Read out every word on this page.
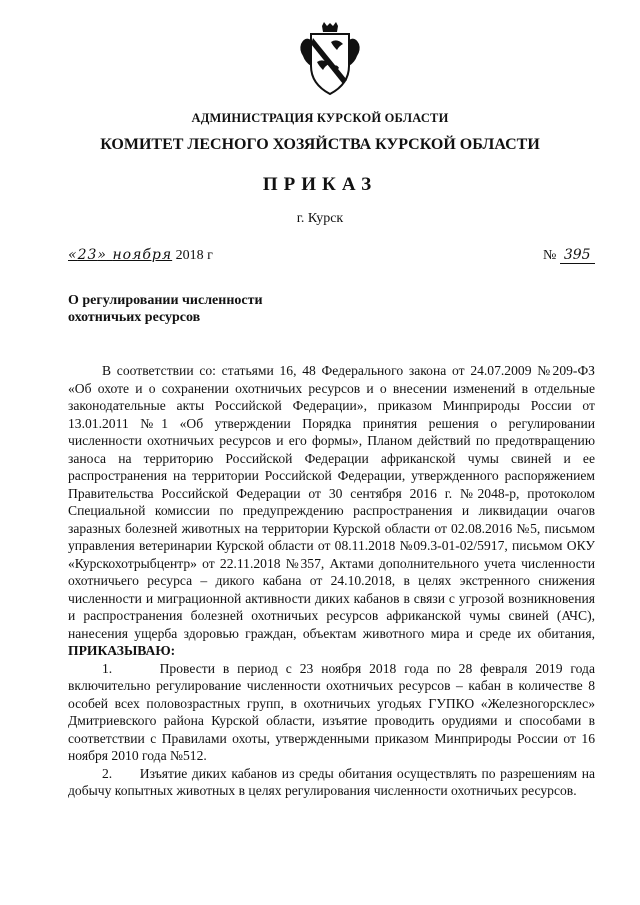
АДМИНИСТРАЦИЯ КУРСКОЙ ОБЛАСТИ
КОМИТЕТ ЛЕСНОГО ХОЗЯЙСТВА КУРСКОЙ ОБЛАСТИ
ПРИКАЗ
г. Курск
«23» ноября 2018 г	№ 395
О регулировании численности
охотничьих ресурсов

В соответствии со: статьями 16, 48 Федерального закона от 24.07.2009 №209-ФЗ «Об охоте и о сохранении охотничьих ресурсов и о внесении изменений в отдельные законодательные акты Российской Федерации», приказом Минприроды России от 13.01.2011 №1 «Об утверждении Порядка принятия решения о регулировании численности охотничьих ресурсов и его формы», Планом действий по предотвращению заноса на территорию Российской Федерации африканской чумы свиней и ее распространения на территории Российской Федерации, утвержденного распоряжением Правительства Российской Федерации от 30 сентября 2016 г. №2048-р, протоколом Специальной комиссии по предупреждению распространения и ликвидации очагов заразных болезней животных на территории Курской области от 02.08.2016 №5, письмом управления ветеринарии Курской области от 08.11.2018 №09.3-01-02/5917, письмом ОКУ «Курскохотрыбцентр» от 22.11.2018 №357, Актами дополнительного учета численности охотничьего ресурса – дикого кабана от 24.10.2018, в целях экстренного снижения численности и миграционной активности диких кабанов в связи с угрозой возникновения и распространения болезней охотничьих ресурсов африканской чумы свиней (АЧС), нанесения ущерба здоровью граждан, объектам животного мира и среде их обитания, ПРИКАЗЫВАЮ:

1.	Провести в период с 23 ноября 2018 года по 28 февраля 2019 года включительно регулирование численности охотничьих ресурсов – кабан в количестве 8 особей всех половозрастных групп, в охотничьих угодьях ГУПКО «Железногорсклес» Дмитриевского района Курской области, изъятие проводить орудиями и способами в соответствии с Правилами охоты, утвержденными приказом Минприроды России от 16 ноября 2010 года №512.

2. Изъятие диких кабанов из среды обитания осуществлять по разрешениям на добычу копытных животных в целях регулирования численности охотничьих ресурсов.
